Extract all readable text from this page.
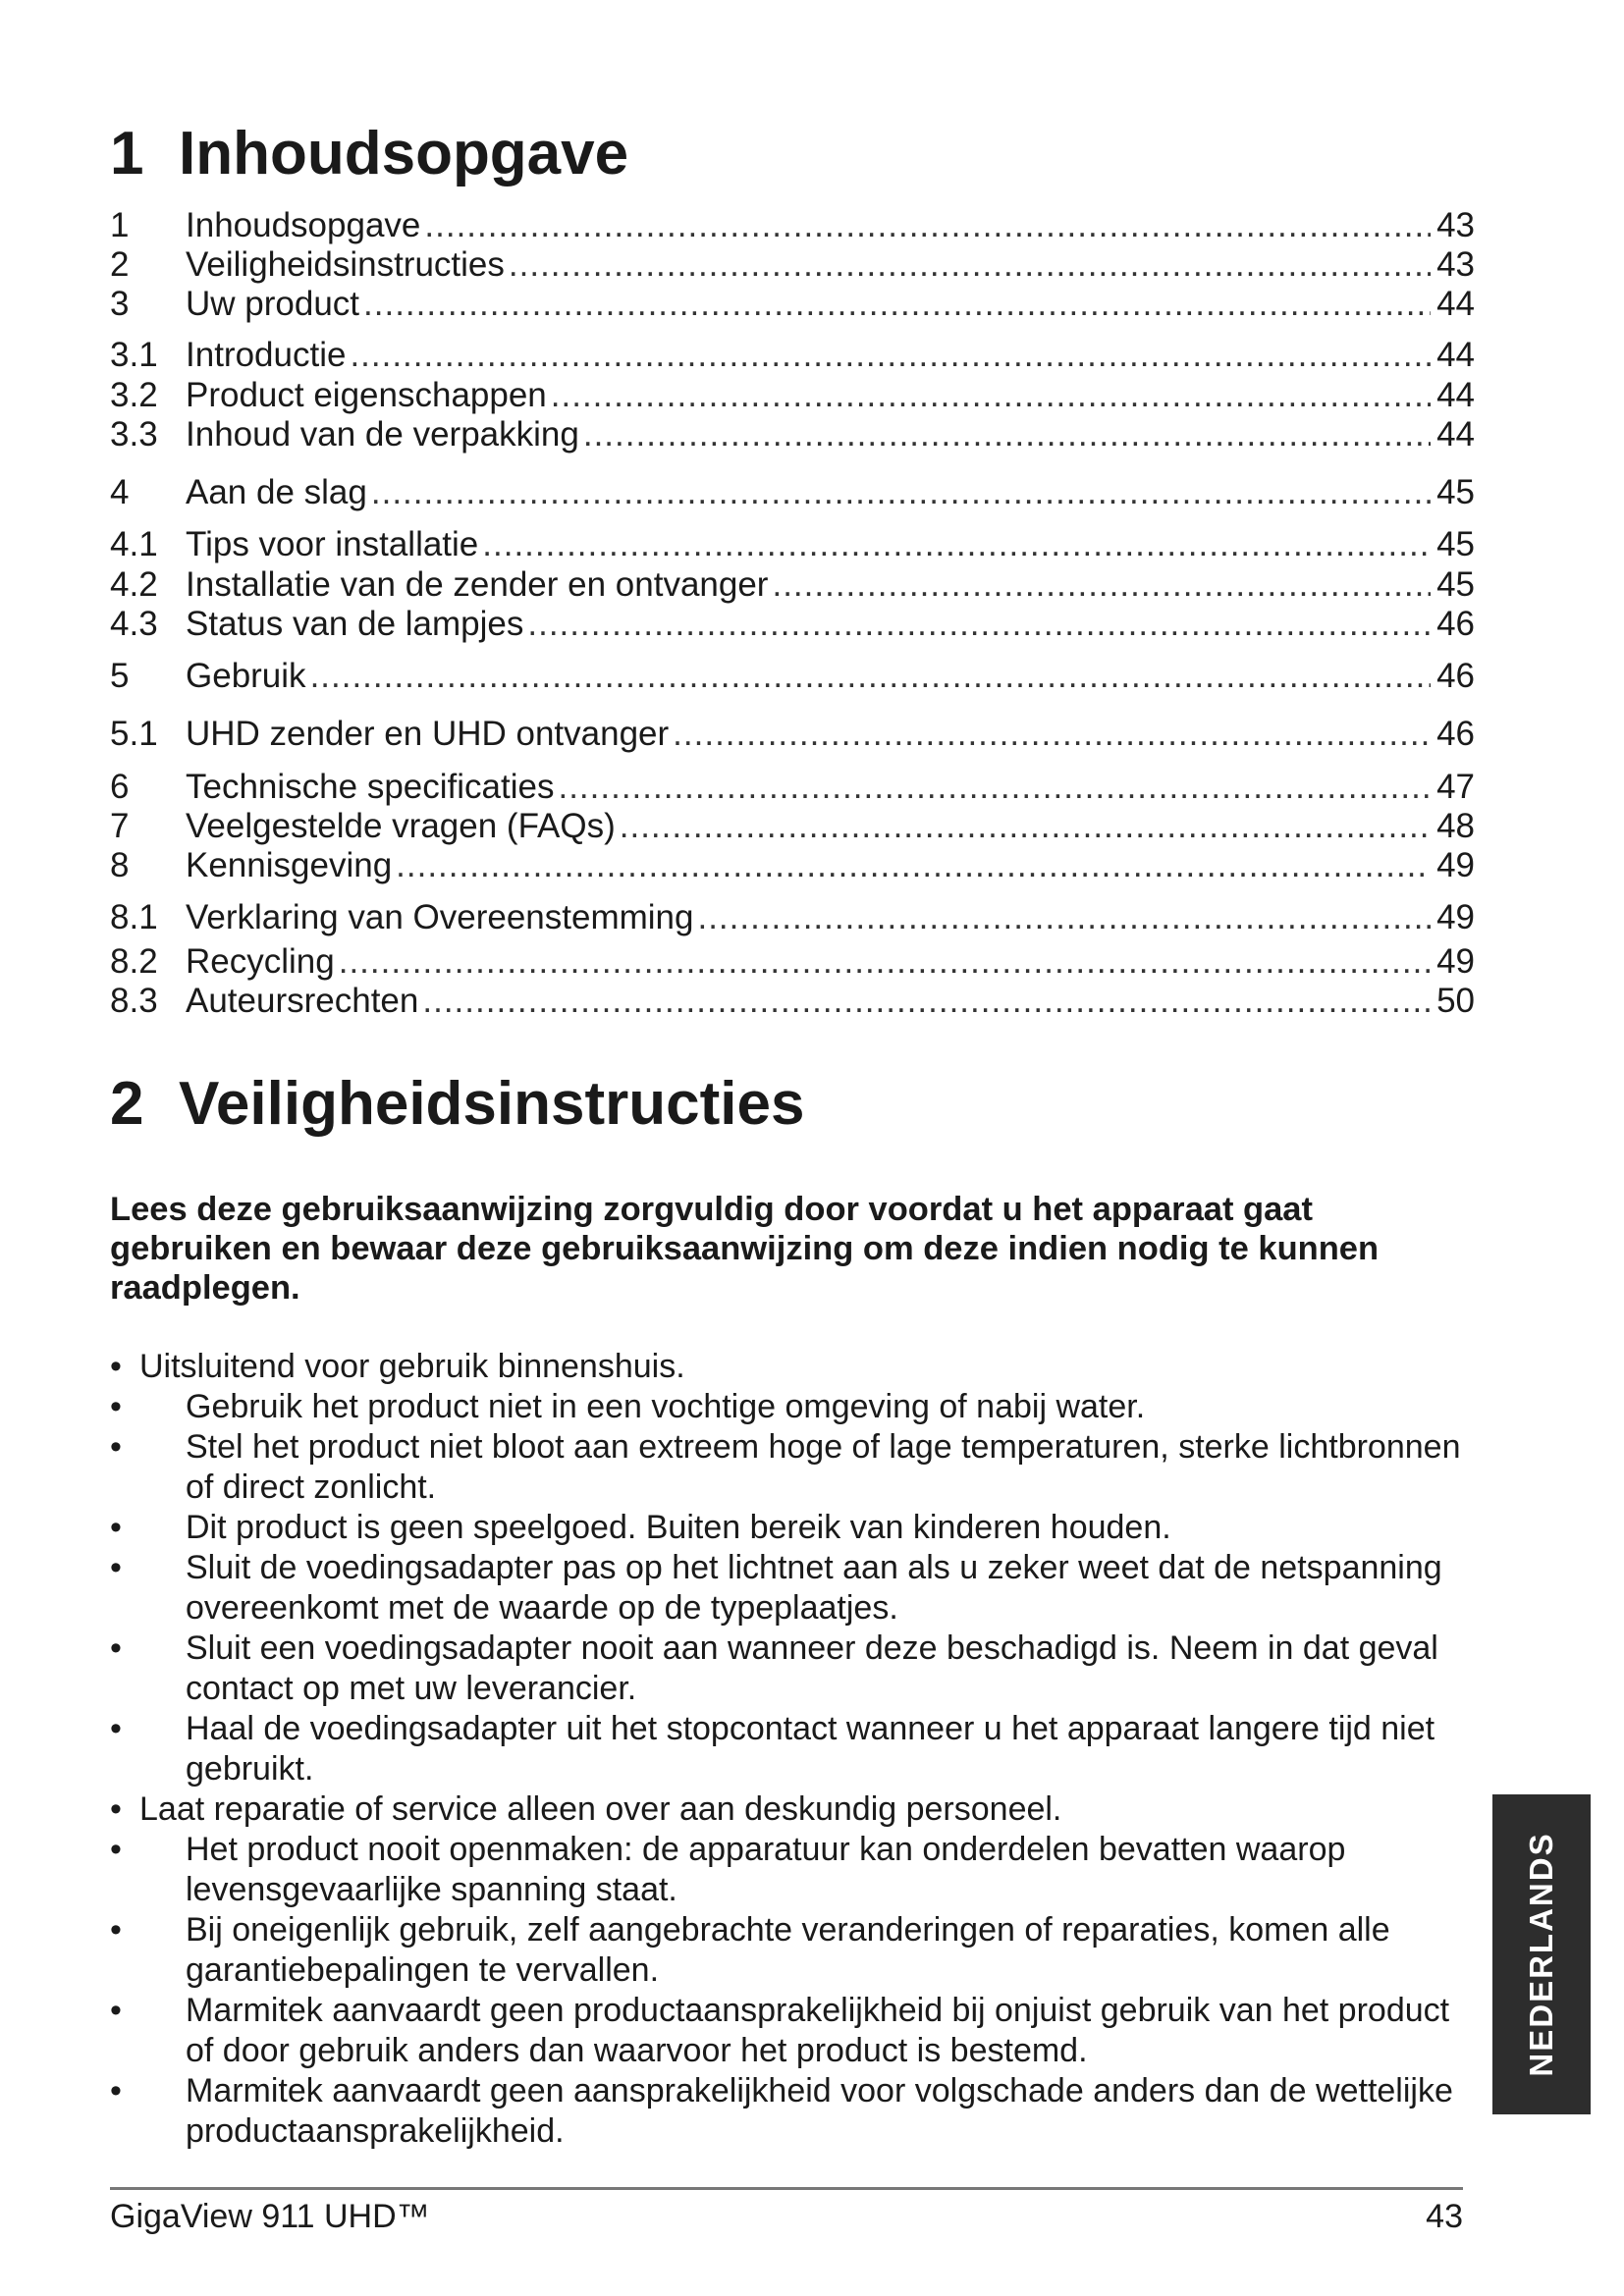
1 Inhoudsopgave
1	Inhoudsopgave .....	43
2	Veiligheidsinstructies .....	43
3	Uw product .....	44
3.1 Introductie .....	44
3.2 Product eigenschappen .....	44
3.3 Inhoud van de verpakking .....	44
4	Aan de slag .....	45
4.1 Tips voor installatie .....	45
4.2 Installatie van de zender en ontvanger .....	45
4.3 Status van de lampjes .....	46
5	Gebruik .....	46
5.1 UHD zender en UHD ontvanger .....	46
6	Technische specificaties .....	47
7	Veelgestelde vragen (FAQs) .....	48
8	Kennisgeving .....	49
8.1 Verklaring van Overeenstemming .....	49
8.2 Recycling .....	49
8.3 Auteursrechten .....	50
2 Veiligheidsinstructies

Lees deze gebruiksaanwijzing zorgvuldig door voordat u het apparaat gaat gebruiken en bewaar deze gebruiksaanwijzing om deze indien nodig te kunnen raadplegen.

• Uitsluitend voor gebruik binnenshuis.
•	Gebruik het product niet in een vochtige omgeving of nabij water.
•	Stel het product niet bloot aan extreem hoge of lage temperaturen, sterke lichtbronnen of direct zonlicht.
•	Dit product is geen speelgoed. Buiten bereik van kinderen houden.
•	Sluit de voedingsadapter pas op het lichtnet aan als u zeker weet dat de netspanning overeenkomt met de waarde op de typeplaatjes.
•	Sluit een voedingsadapter nooit aan wanneer deze beschadigd is. Neem in dat geval contact op met uw leverancier.
•	Haal de voedingsadapter uit het stopcontact wanneer u het apparaat langere tijd niet gebruikt.
• Laat reparatie of service alleen over aan deskundig personeel.
•	Het product nooit openmaken: de apparatuur kan onderdelen bevatten waarop levensgevaarlijke spanning staat.
•	Bij oneigenlijk gebruik, zelf aangebrachte veranderingen of reparaties, komen alle garantiebepalingen te vervallen.
•	Marmitek aanvaardt geen productaansprakelijkheid bij onjuist gebruik van het product of door gebruik anders dan waarvoor het product is bestemd.
•	Marmitek aanvaardt geen aansprakelijkheid voor volgschade anders dan de wettelijke productaansprakelijkheid.
NEDERLANDS
GigaView 911 UHD™	43
